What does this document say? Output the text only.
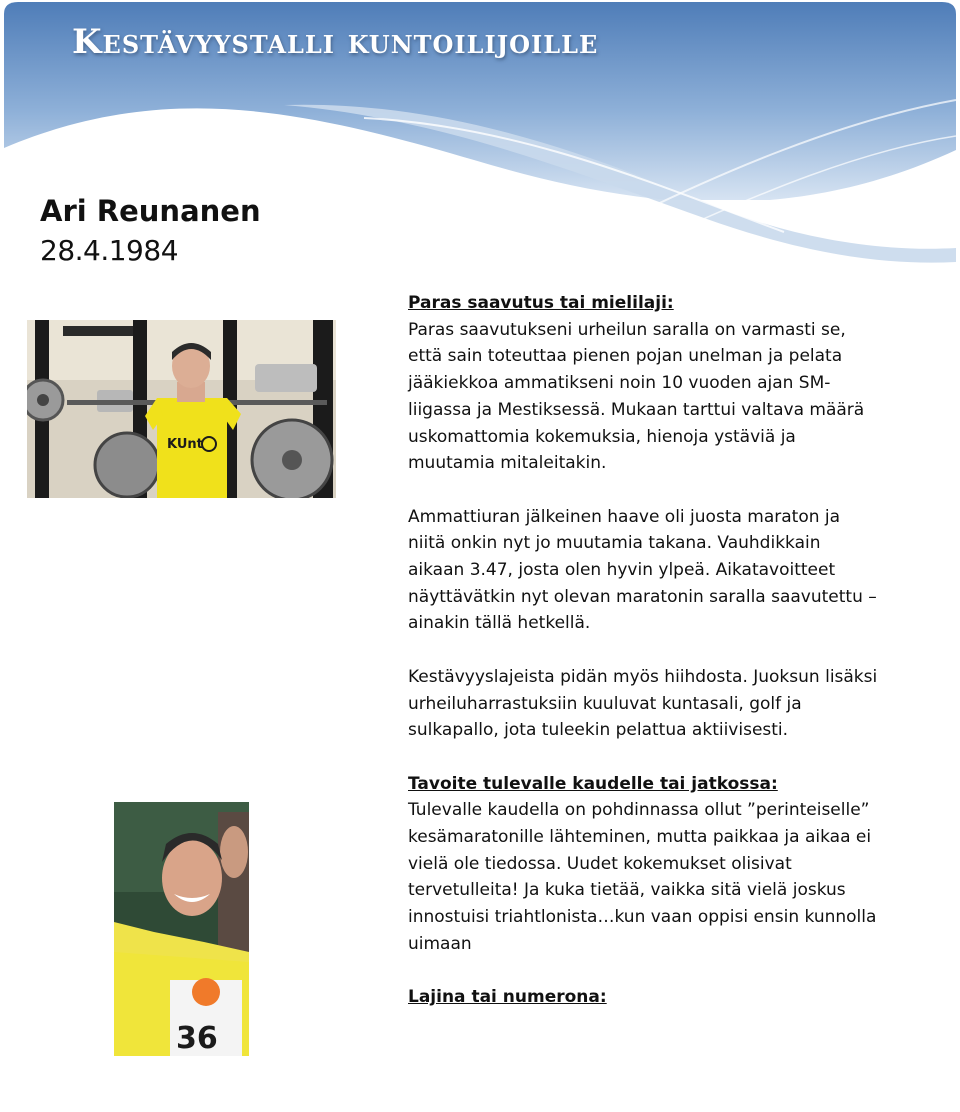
Kestävyystalli kuntoilijoille
Ari Reunanen
28.4.1984
KUnt
36
Paras saavutus tai mielilaji:

Paras saavutukseni urheilun saralla on varmasti se, että sain toteuttaa pienen pojan unelman ja pelata jääkiekkoa ammatikseni noin 10 vuoden ajan SM-liigassa ja Mestiksessä. Mukaan tarttui valtava määrä uskomattomia kokemuksia, hienoja ystäviä ja muutamia mitaleitakin.

Ammattiuran jälkeinen haave oli juosta maraton ja niitä onkin nyt jo muutamia takana. Vauhdikkain aikaan 3.47, josta olen hyvin ylpeä. Aikatavoitteet näyttävätkin nyt olevan maratonin saralla saavutettu – ainakin tällä hetkellä.

Kestävyyslajeista pidän myös hiihdosta. Juoksun lisäksi urheiluharrastuksiin kuuluvat kuntasali, golf ja sulkapallo, jota tuleekin pelattua aktiivisesti.

Tavoite tulevalle kaudelle tai jatkossa:

Tulevalle kaudella on pohdinnassa ollut ”perinteiselle” kesämaratonille lähteminen, mutta paikkaa ja aikaa ei vielä ole tiedossa. Uudet kokemukset olisivat tervetulleita! Ja kuka tietää, vaikka sitä vielä joskus innostuisi triahtlonista…kun vaan oppisi ensin kunnolla uimaan

Lajina tai numerona:
